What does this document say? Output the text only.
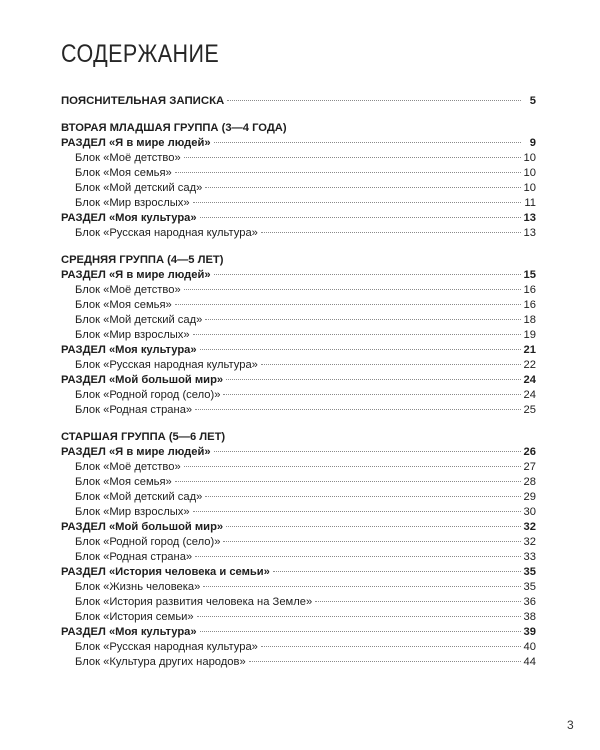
СОДЕРЖАНИЕ
ПОЯСНИТЕЛЬНАЯ ЗАПИСКА	5
ВТОРАЯ МЛАДШАЯ ГРУППА (3—4 ГОДА)
РАЗДЕЛ «Я в мире людей»	9
Блок «Моё детство»	10
Блок «Моя семья»	10
Блок «Мой детский сад»	10
Блок «Мир взрослых»	11
РАЗДЕЛ «Моя культура»	13
Блок «Русская народная культура»	13
СРЕДНЯЯ ГРУППА (4—5 ЛЕТ)
РАЗДЕЛ «Я в мире людей»	15
Блок «Моё детство»	16
Блок «Моя семья»	16
Блок «Мой детский сад»	18
Блок «Мир взрослых»	19
РАЗДЕЛ «Моя культура»	21
Блок «Русская народная культура»	22
РАЗДЕЛ «Мой большой мир»	24
Блок «Родной город (село)»	24
Блок «Родная страна»	25
СТАРШАЯ ГРУППА (5—6 ЛЕТ)
РАЗДЕЛ «Я в мире людей»	26
Блок «Моё детство»	27
Блок «Моя семья»	28
Блок «Мой детский сад»	29
Блок «Мир взрослых»	30
РАЗДЕЛ «Мой большой мир»	32
Блок «Родной город (село)»	32
Блок «Родная страна»	33
РАЗДЕЛ «История человека и семьи»	35
Блок «Жизнь человека»	35
Блок «История развития человека на Земле»	36
Блок «История семьи»	38
РАЗДЕЛ «Моя культура»	39
Блок «Русская народная культура»	40
Блок «Культура других народов»	44
3
